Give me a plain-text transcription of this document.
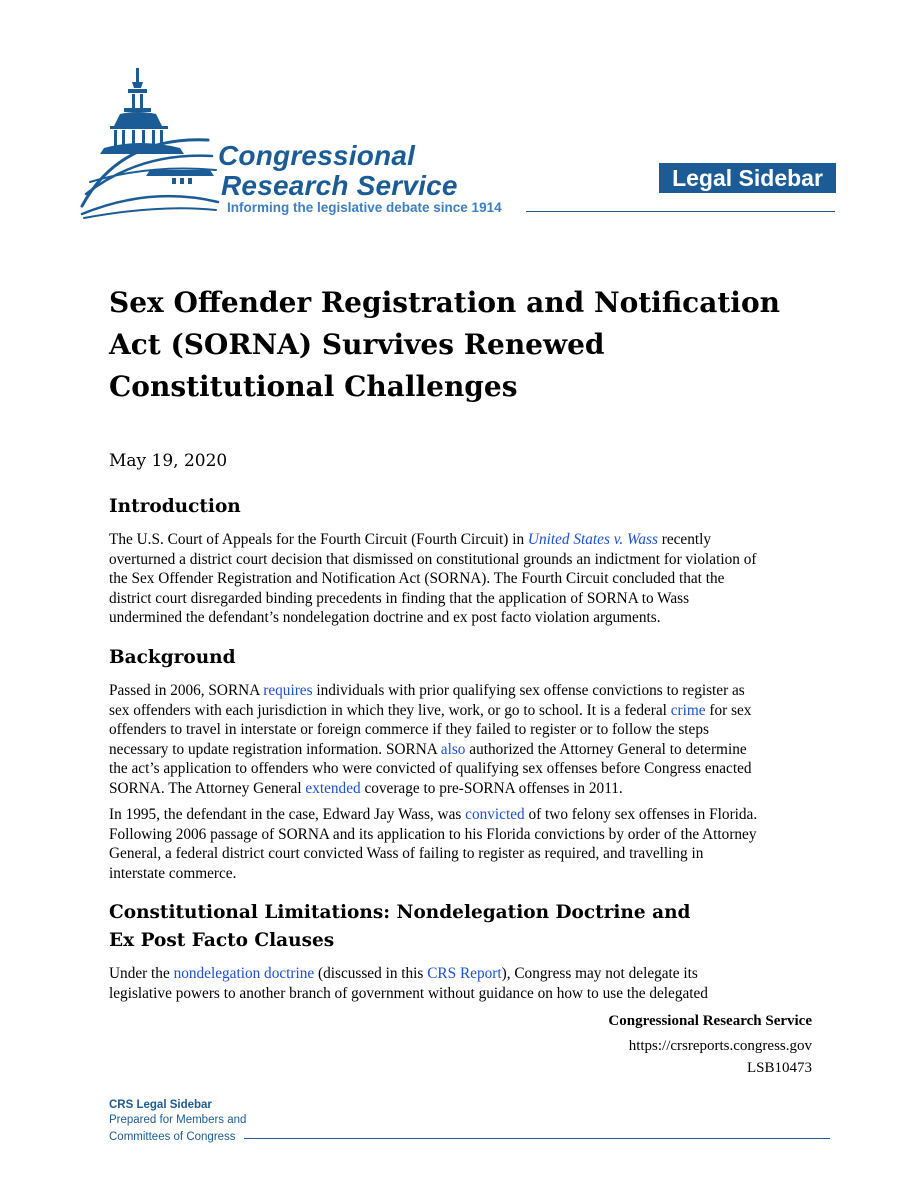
Congressional
Research Service
Informing the legislative debate since 1914
Legal Sidebar
Sex Offender Registration and Notification
Act (SORNA) Survives Renewed
Constitutional Challenges
May 19, 2020
Introduction
The U.S. Court of Appeals for the Fourth Circuit (Fourth Circuit) in United States v. Wass recently
overturned a district court decision that dismissed on constitutional grounds an indictment for violation of
the Sex Offender Registration and Notification Act (SORNA). The Fourth Circuit concluded that the
district court disregarded binding precedents in finding that the application of SORNA to Wass
undermined the defendant’s nondelegation doctrine and ex post facto violation arguments.
Background
Passed in 2006, SORNA requires individuals with prior qualifying sex offense convictions to register as
sex offenders with each jurisdiction in which they live, work, or go to school. It is a federal crime for sex
offenders to travel in interstate or foreign commerce if they failed to register or to follow the steps
necessary to update registration information. SORNA also authorized the Attorney General to determine
the act’s application to offenders who were convicted of qualifying sex offenses before Congress enacted
SORNA. The Attorney General extended coverage to pre-SORNA offenses in 2011.
In 1995, the defendant in the case, Edward Jay Wass, was convicted of two felony sex offenses in Florida.
Following 2006 passage of SORNA and its application to his Florida convictions by order of the Attorney
General, a federal district court convicted Wass of failing to register as required, and travelling in
interstate commerce.
Constitutional Limitations: Nondelegation Doctrine and
Ex Post Facto Clauses
Under the nondelegation doctrine (discussed in this CRS Report), Congress may not delegate its
legislative powers to another branch of government without guidance on how to use the delegated
Congressional Research Service
https://crsreports.congress.gov
LSB10473
CRS Legal Sidebar
Prepared for Members and
Committees of Congress
